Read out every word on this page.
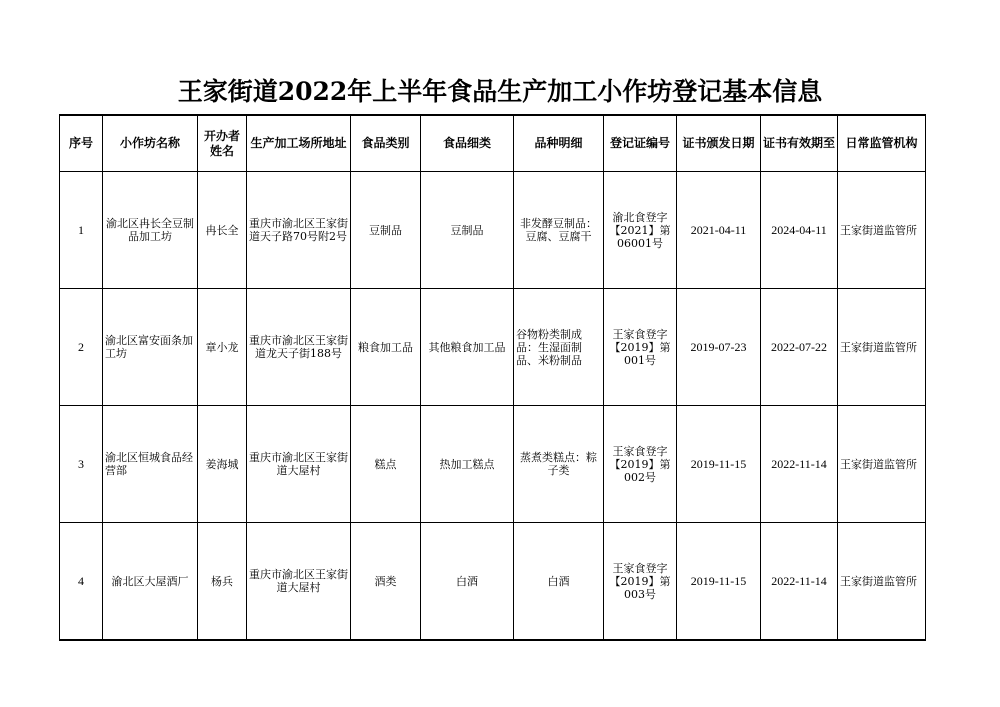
王家街道2022年上半年食品生产加工小作坊登记基本信息
序号	小作坊名称	开办者姓名	生产加工场所地址	食品类别	食品细类	品种明细	登记证编号	证书颁发日期	证书有效期至	日常监管机构
1	渝北区冉长全豆制品加工坊	冉长全	重庆市渝北区王家街道天子路70号附2号	豆制品	豆制品	非发酵豆制品：豆腐、豆腐干	渝北食登字【2021】第06001号	2021-04-11	2024-04-11	王家街道监管所
2	渝北区富安面条加工坊	章小龙	重庆市渝北区王家街道龙天子街188号	粮食加工品	其他粮食加工品	谷物粉类制成品：生湿面制品、米粉制品	王家食登字【2019】第001号	2019-07-23	2022-07-22	王家街道监管所
3	渝北区恒城食品经营部	姜海城	重庆市渝北区王家街道大屋村	糕点	热加工糕点	蒸煮类糕点：粽子类	王家食登字【2019】第002号	2019-11-15	2022-11-14	王家街道监管所
4	渝北区大屋酒厂	杨兵	重庆市渝北区王家街道大屋村	酒类	白酒	白酒	王家食登字【2019】第003号	2019-11-15	2022-11-14	王家街道监管所
